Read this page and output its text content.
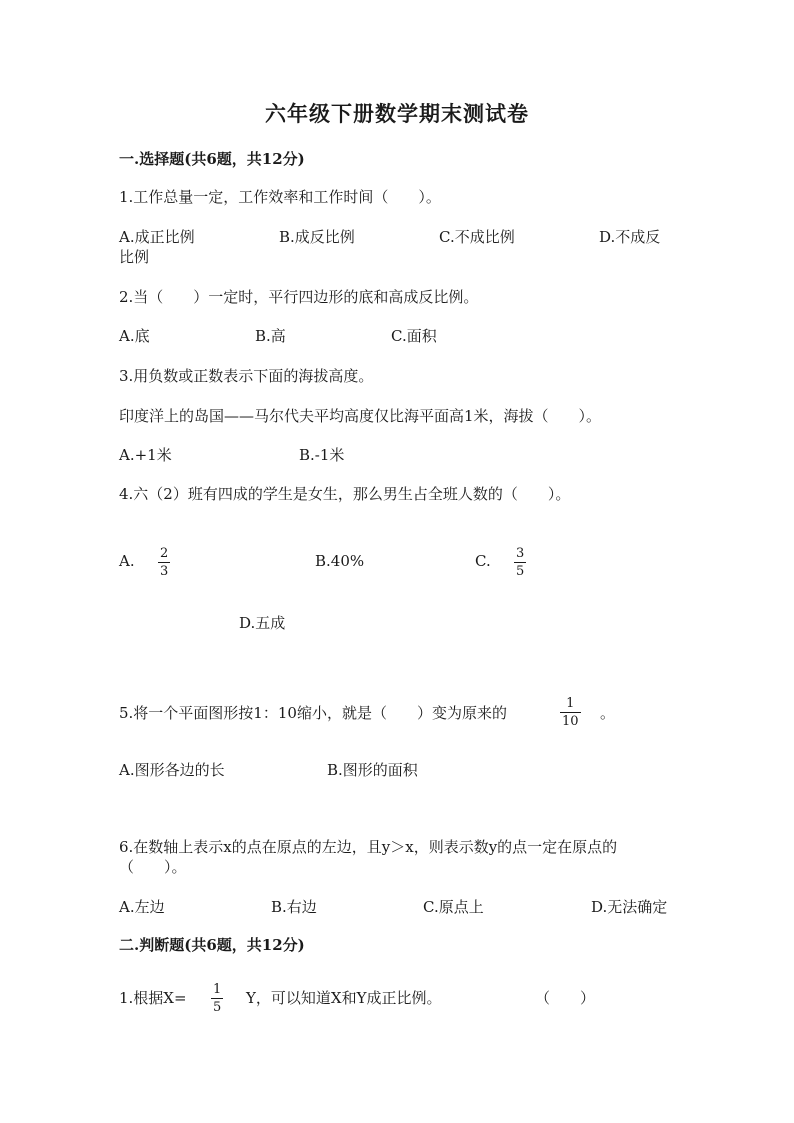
六年级下册数学期末测试卷
一.选择题(共6题，共12分)
1.工作总量一定，工作效率和工作时间（　　）。
A.成正比例	B.成反比例	C.不成比例	D.不成反
比例
2.当（　　）一定时，平行四边形的底和高成反比例。
A.底	B.高	C.面积
3.用负数或正数表示下面的海拔高度。
印度洋上的岛国——马尔代夫平均高度仅比海平面高1米，海拔（　　）。
A.+1米	B.-1米
4.六（2）班有四成的学生是女生，那么男生占全班人数的（　　）。
A. 2
3
B.40%	C. 3
5
D.五成
5.将一个平面图形按1：10缩小，就是（　　）变为原来的
1
10 。
A.图形各边的长	B.图形的面积
6.在数轴上表示x的点在原点的左边，且y＞x，则表示数y的点一定在原点的
（　　）。
A.左边	B.右边	C.原点上	D.无法确定
二.判断题(共6题，共12分)
1.根据X= 1
5
Y，可以知道X和Y成正比例。	（　　）
